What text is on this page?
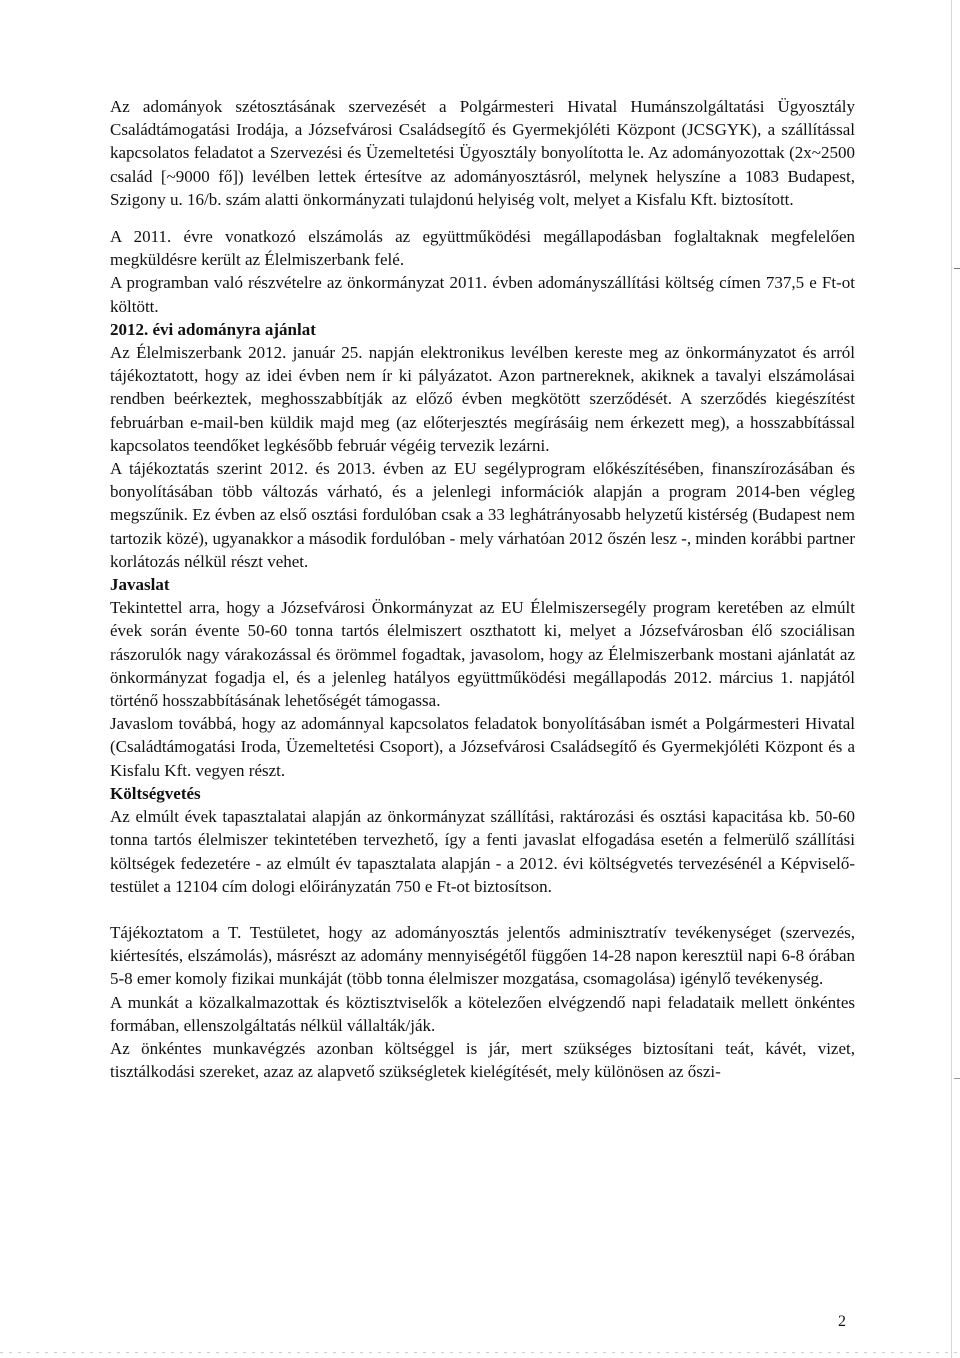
Az adományok szétosztásának szervezését a Polgármesteri Hivatal Humánszolgáltatási Ügyosztály Családtámogatási Irodája, a Józsefvárosi Családsegítő és Gyermekjóléti Központ (JCSGYK), a szállítással kapcsolatos feladatot a Szervezési és Üzemeltetési Ügyosztály bonyolította le. Az adományozottak (2x~2500 család [~9000 fő]) levélben lettek értesítve az adományosztásról, melynek helyszíne a 1083 Budapest, Szigony u. 16/b. szám alatti önkormányzati tulajdonú helyiség volt, melyet a Kisfalu Kft. biztosított.

A 2011. évre vonatkozó elszámolás az együttműködési megállapodásban foglaltaknak megfelelően megküldésre került az Élelmiszerbank felé.

A programban való részvételre az önkormányzat 2011. évben adományszállítási költség címen 737,5 e Ft-ot költött.

2012. évi adományra ajánlat

Az Élelmiszerbank 2012. január 25. napján elektronikus levélben kereste meg az önkormányzatot és arról tájékoztatott, hogy az idei évben nem ír ki pályázatot. Azon partnereknek, akiknek a tavalyi elszámolásai rendben beérkeztek, meghosszabbítják az előző évben megkötött szerződését. A szerződés kiegészítést februárban e-mail-ben küldik majd meg (az előterjesztés megírásáig nem érkezett meg), a hosszabbítással kapcsolatos teendőket legkésőbb február végéig tervezik lezárni.

A tájékoztatás szerint 2012. és 2013. évben az EU segélyprogram előkészítésében, finanszírozásában és bonyolításában több változás várható, és a jelenlegi információk alapján a program 2014-ben végleg megszűnik. Ez évben az első osztási fordulóban csak a 33 leghátrányosabb helyzetű kistérség (Budapest nem tartozik közé), ugyanakkor a második fordulóban - mely várhatóan 2012 őszén lesz -, minden korábbi partner korlátozás nélkül részt vehet.

Javaslat

Tekintettel arra, hogy a Józsefvárosi Önkormányzat az EU Élelmiszersegély program keretében az elmúlt évek során évente 50-60 tonna tartós élelmiszert oszthatott ki, melyet a Józsefvárosban élő szociálisan rászorulók nagy várakozással és örömmel fogadtak, javasolom, hogy az Élelmiszerbank mostani ajánlatát az önkormányzat fogadja el, és a jelenleg hatályos együttműködési megállapodás 2012. március 1. napjától történő hosszabbításának lehetőségét támogassa.

Javaslom továbbá, hogy az adománnyal kapcsolatos feladatok bonyolításában ismét a Polgármesteri Hivatal (Családtámogatási Iroda, Üzemeltetési Csoport), a Józsefvárosi Családsegítő és Gyermekjóléti Központ és a Kisfalu Kft. vegyen részt.

Költségvetés

Az elmúlt évek tapasztalatai alapján az önkormányzat szállítási, raktározási és osztási kapacitása kb. 50-60 tonna tartós élelmiszer tekintetében tervezhető, így a fenti javaslat elfogadása esetén a felmerülő szállítási költségek fedezetére - az elmúlt év tapasztalata alapján - a 2012. évi költségvetés tervezésénél a Képviselő-testület a 12104 cím dologi előirányzatán 750 e Ft-ot biztosítson.

Tájékoztatom a T. Testületet, hogy az adományosztás jelentős adminisztratív tevékenységet (szervezés, kiértesítés, elszámolás), másrészt az adomány mennyiségétől függően 14-28 napon keresztül napi 6-8 órában 5-8 emer komoly fizikai munkáját (több tonna élelmiszer mozgatása, csomagolása) igénylő tevékenység.

A munkát a közalkalmazottak és köztisztviselők a kötelezően elvégzendő napi feladataik mellett önkéntes formában, ellenszolgáltatás nélkül vállalták/ják.

Az önkéntes munkavégzés azonban költséggel is jár, mert szükséges biztosítani teát, kávét, vizet, tisztálkodási szereket, azaz az alapvető szükségletek kielégítését, mely különösen az őszi-

2
